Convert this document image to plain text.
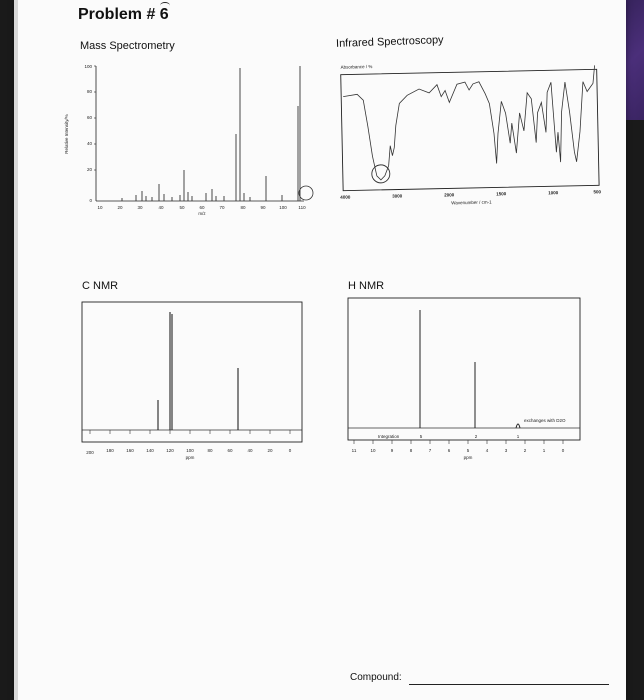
Problem # 6
Mass Spectrometry
100
80
60
40
20
0
Relative Intensity/%
10	20	30	40	50	60	70	80	90	100	110
m/z
Infrared Spectroscopy
Absorbance / %
4000	3000	2000	1500	1000	500
Wavenumber / cm-1
C NMR
200	180	160	140	120	100	80	60	40	20	0
ppm
H NMR
Integration	5	2	1
exchanges with D2O
11	10	9	8	7	6	5	4	3	2	1	0
ppm
Compound:
